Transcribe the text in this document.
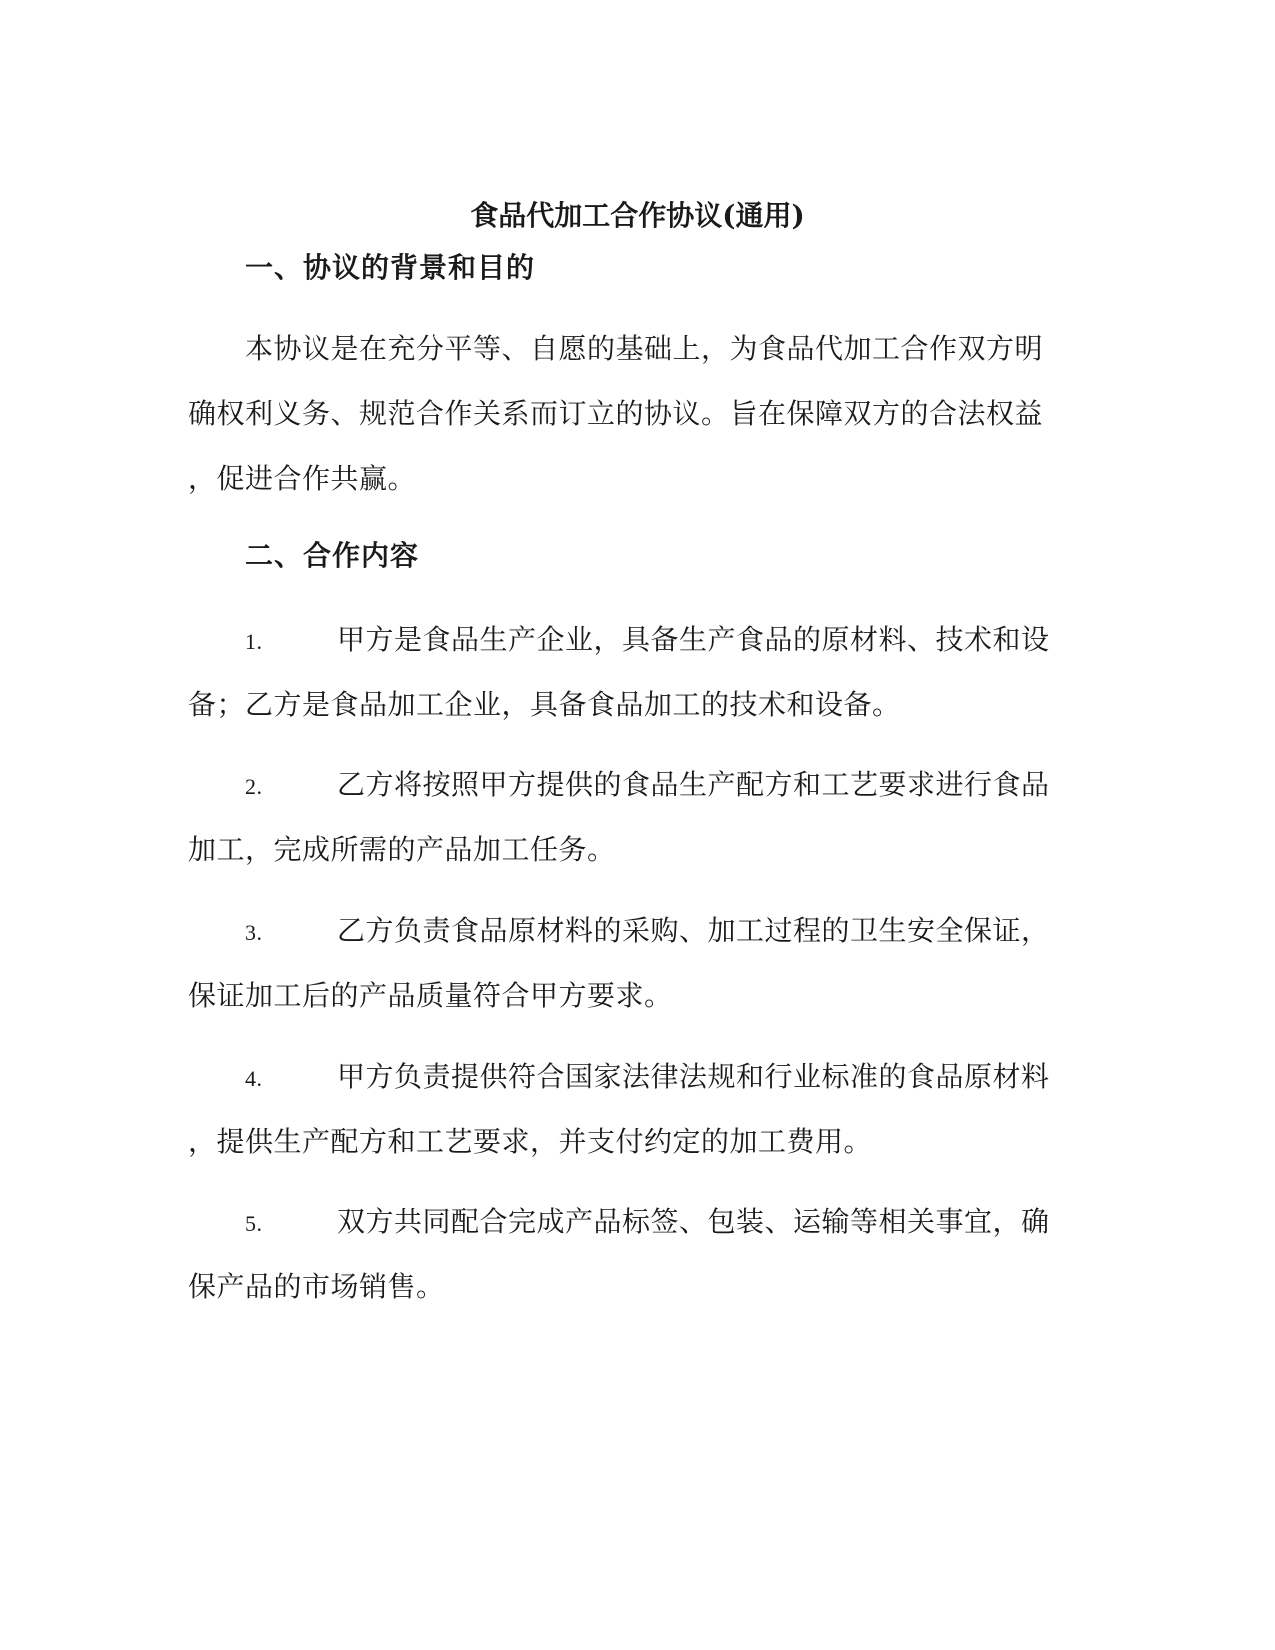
食品代加工合作协议(通用)
一、协议的背景和目的
本协议是在充分平等、自愿的基础上，为食品代加工合作双方明
确权利义务、规范合作关系而订立的协议。旨在保障双方的合法权益
，促进合作共赢。
二、合作内容
1.	甲方是食品生产企业，具备生产食品的原材料、技术和设
备；乙方是食品加工企业，具备食品加工的技术和设备。
2.	乙方将按照甲方提供的食品生产配方和工艺要求进行食品
加工，完成所需的产品加工任务。
3.	乙方负责食品原材料的采购、加工过程的卫生安全保证，
保证加工后的产品质量符合甲方要求。
4.	甲方负责提供符合国家法律法规和行业标准的食品原材料
，提供生产配方和工艺要求，并支付约定的加工费用。
5.	双方共同配合完成产品标签、包装、运输等相关事宜，确
保产品的市场销售。
